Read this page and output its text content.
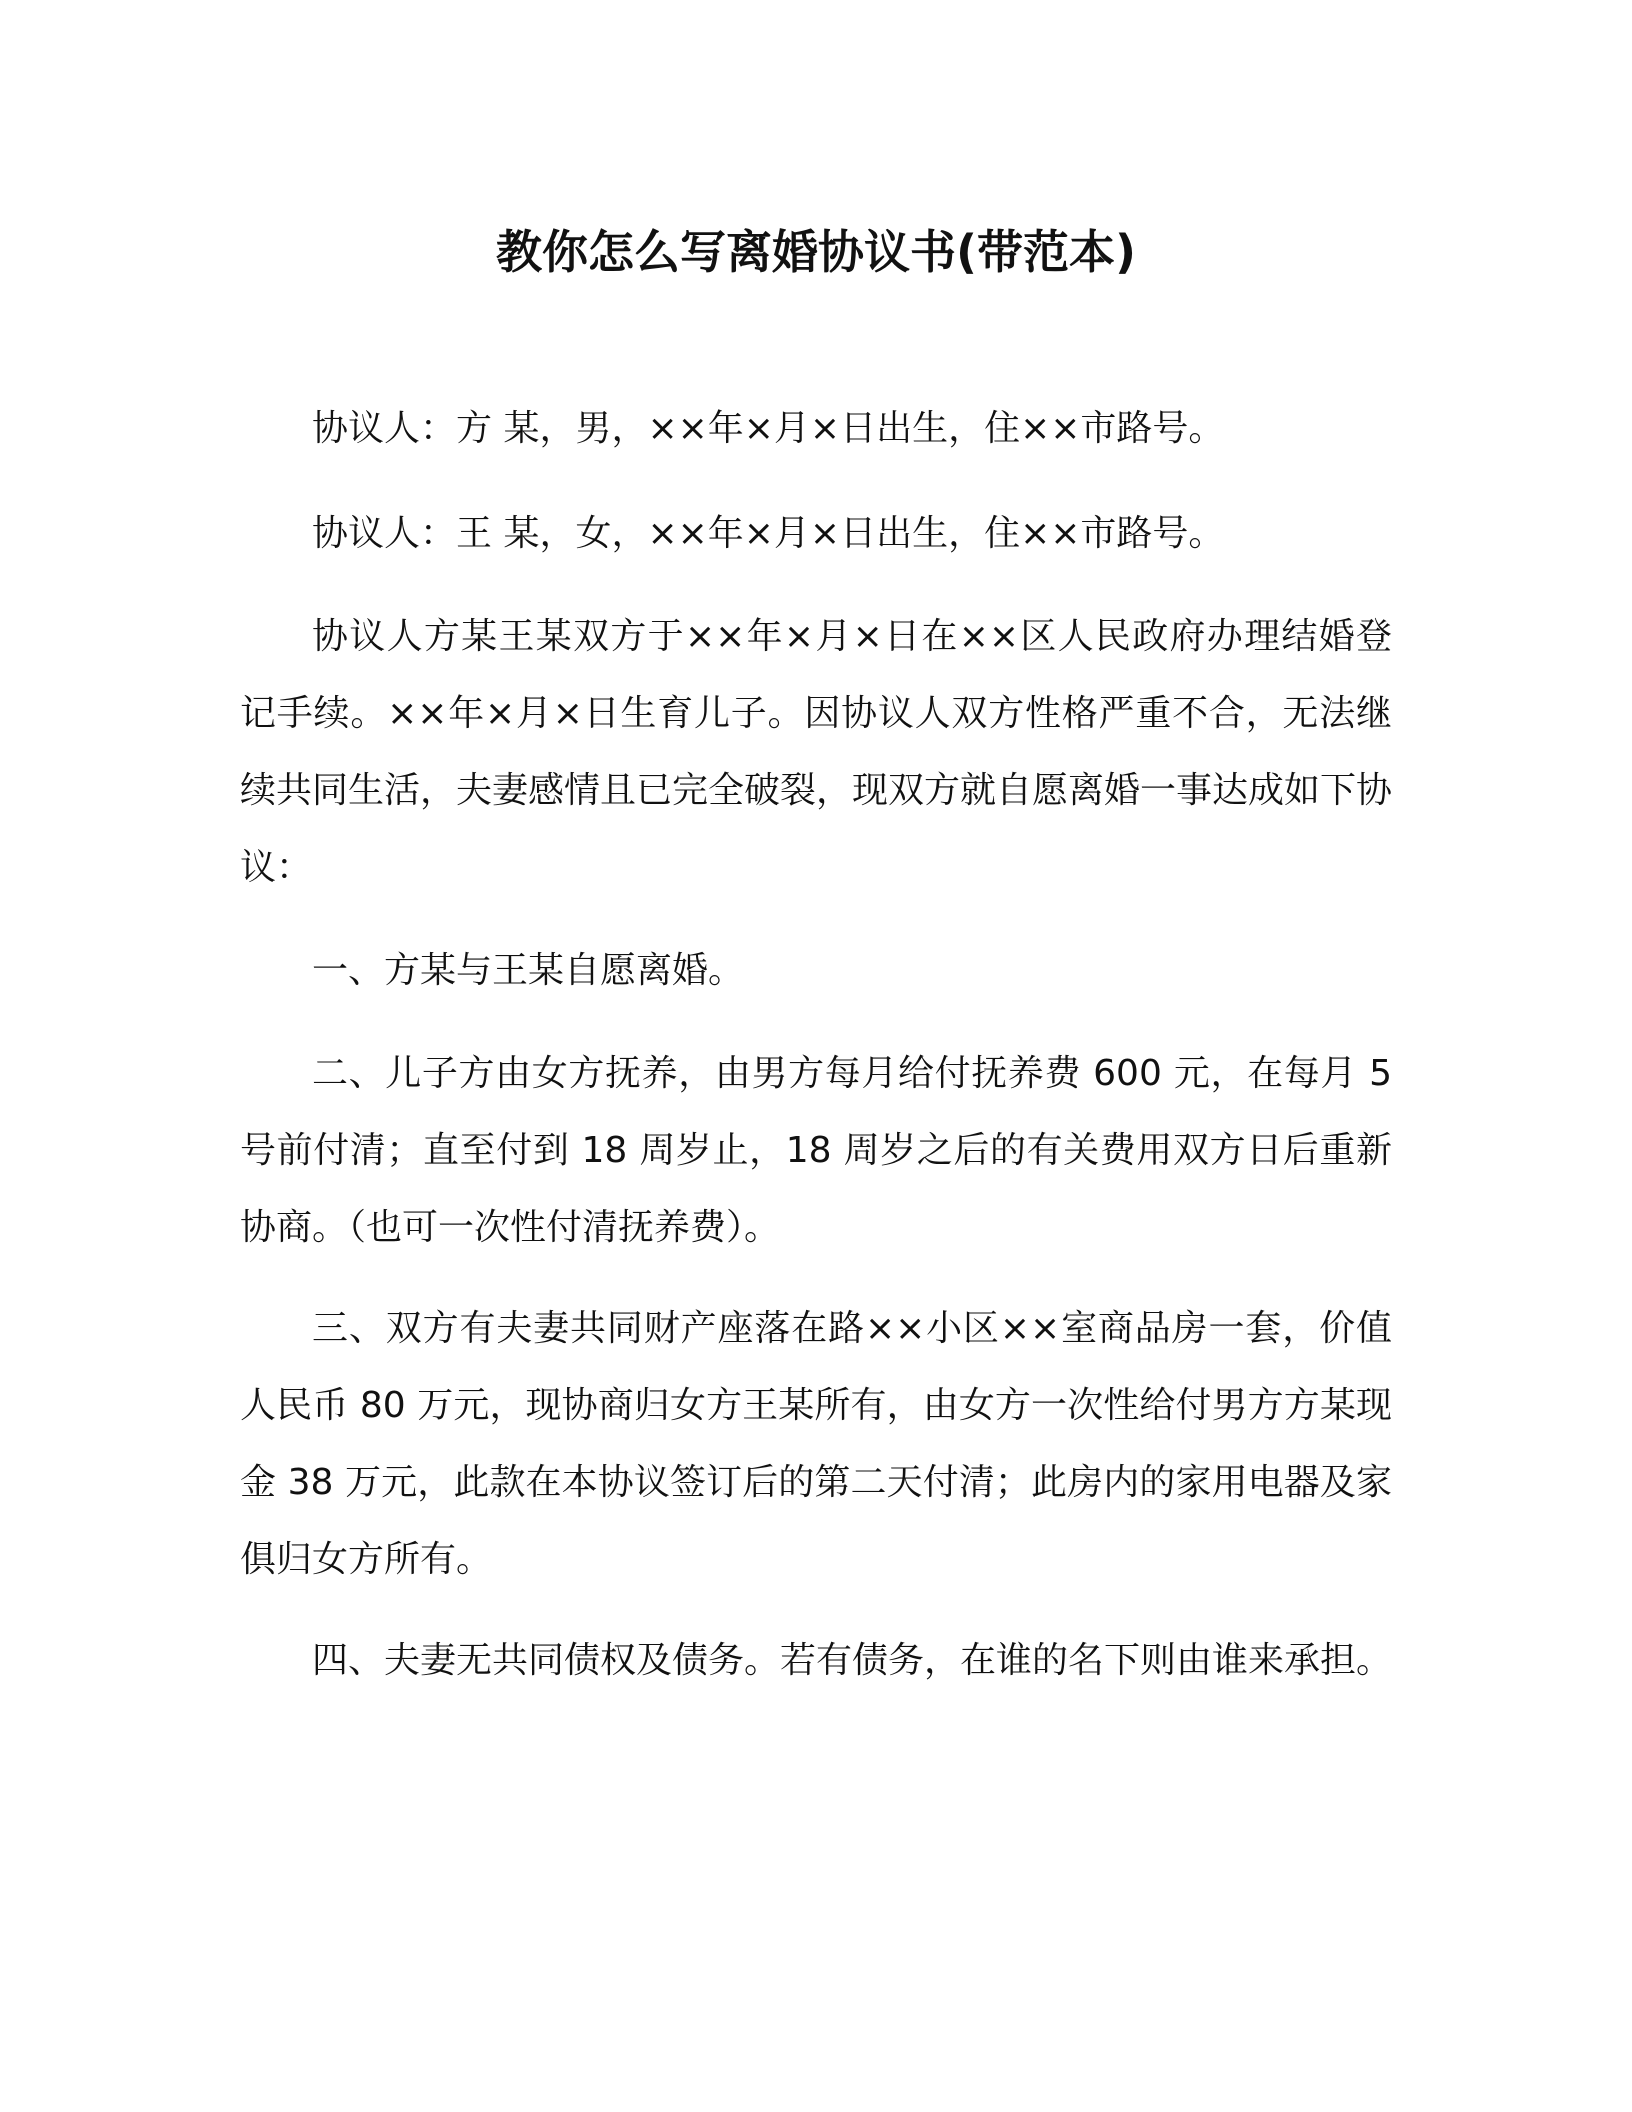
教你怎么写离婚协议书(带范本)

协议人：方 某，男，××年×月×日出生，住××市路号。

协议人：王 某，女，××年×月×日出生，住××市路号。

协议人方某王某双方于××年×月×日在××区人民政府办理结婚登记手续。××年×月×日生育儿子。因协议人双方性格严重不合，无法继续共同生活，夫妻感情且已完全破裂，现双方就自愿离婚一事达成如下协议：

一、方某与王某自愿离婚。

二、儿子方由女方抚养，由男方每月给付抚养费 600 元，在每月 5 号前付清；直至付到 18 周岁止，18 周岁之后的有关费用双方日后重新协商。（也可一次性付清抚养费）。

三、双方有夫妻共同财产座落在路××小区××室商品房一套，价值人民币 80 万元，现协商归女方王某所有，由女方一次性给付男方方某现金 38 万元，此款在本协议签订后的第二天付清；此房内的家用电器及家俱归女方所有。

四、夫妻无共同债权及债务。若有债务，在谁的名下则由谁来承担。
